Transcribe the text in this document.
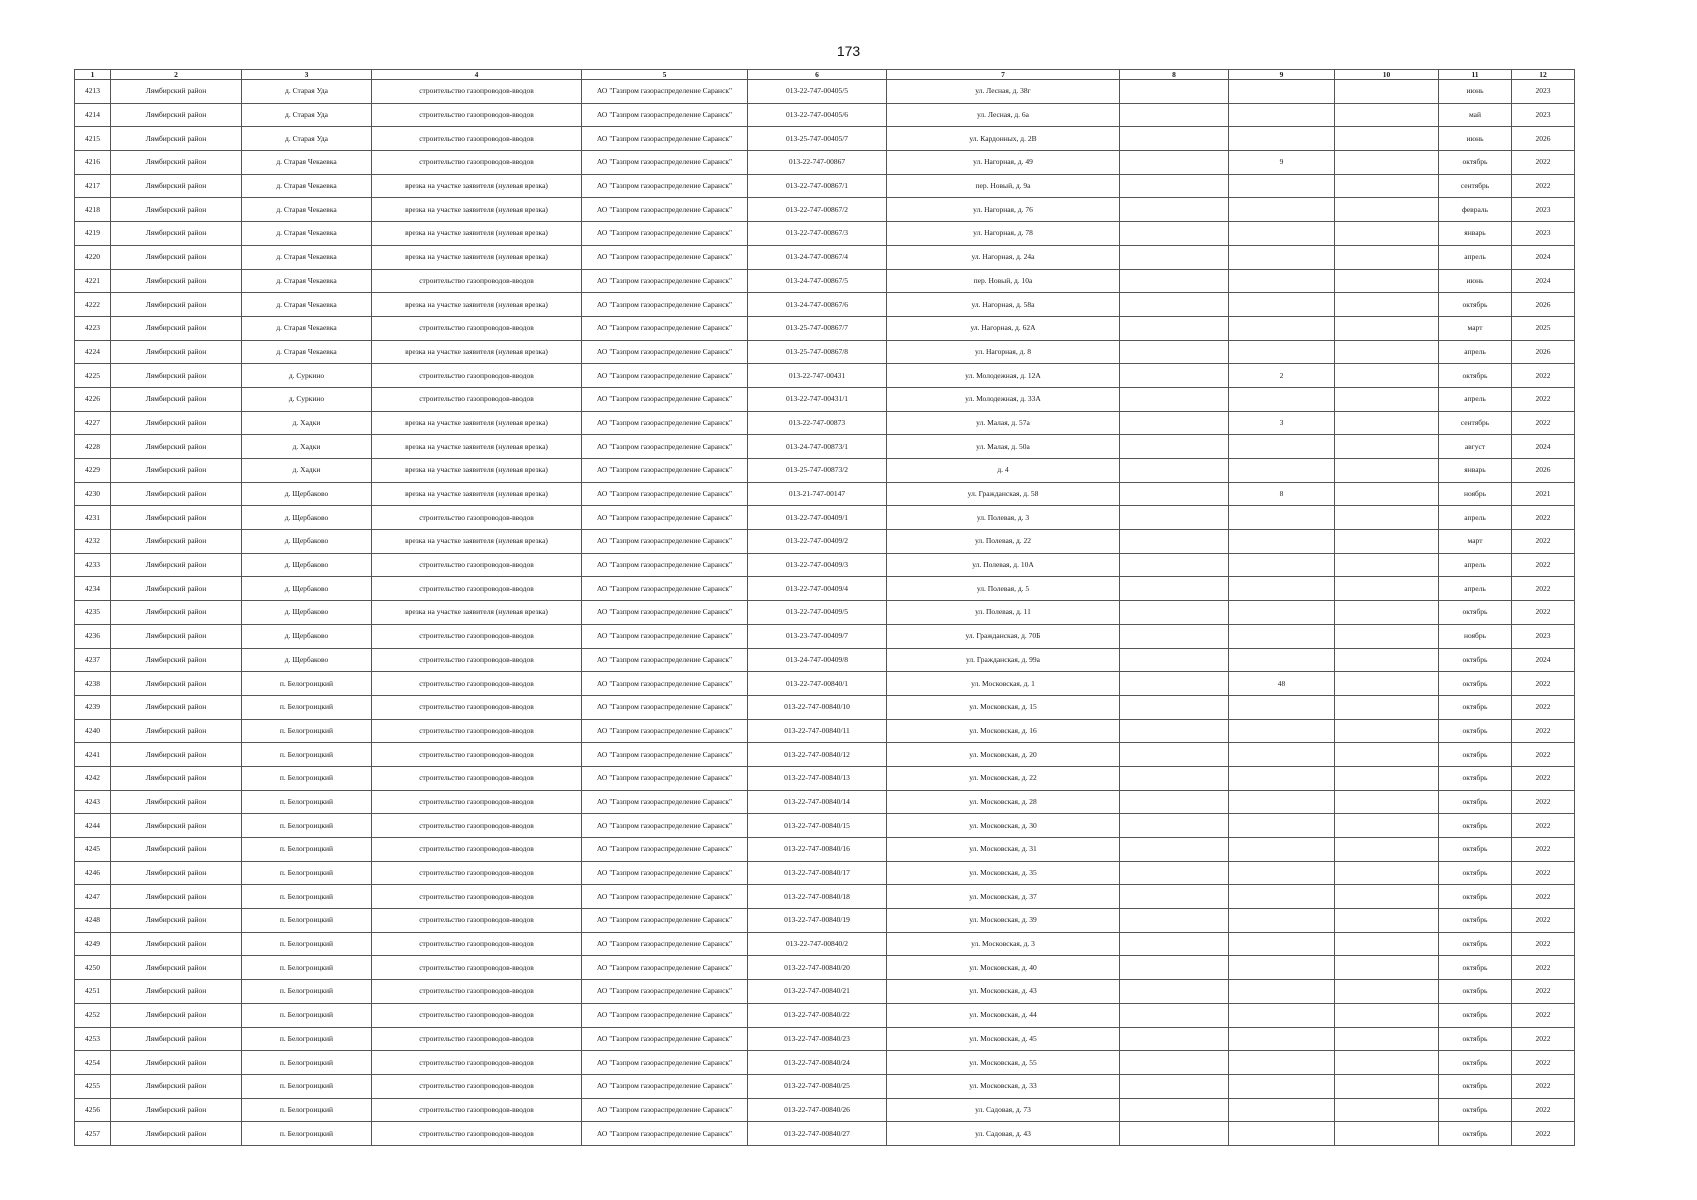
173
1	2	3	4	5	6	7	8	9	10	11	12
4213	Лямбирский район	д. Старая Уда	строительство газопроводов-вводов	АО "Газпром газораспределение Саранск"	013-22-747-00405/5	ул. Лесная, д. 38г				июнь	2023
4214	Лямбирский район	д. Старая Уда	строительство газопроводов-вводов	АО "Газпром газораспределение Саранск"	013-22-747-00405/6	ул. Лесная, д. 6а				май	2023
4215	Лямбирский район	д. Старая Уда	строительство газопроводов-вводов	АО "Газпром газораспределение Саранск"	013-25-747-00405/7	ул. Кардонных, д. 2В				июнь	2026
4216	Лямбирский район	д. Старая Чекаевка	строительство газопроводов-вводов	АО "Газпром газораспределение Саранск"	013-22-747-00867	ул. Нагорная, д. 49		9		октябрь	2022
4217	Лямбирский район	д. Старая Чекаевка	врезка на участке заявителя (нулевая врезка)	АО "Газпром газораспределение Саранск"	013-22-747-00867/1	пер. Новый, д. 9а				сентябрь	2022
4218	Лямбирский район	д. Старая Чекаевка	врезка на участке заявителя (нулевая врезка)	АО "Газпром газораспределение Саранск"	013-22-747-00867/2	ул. Нагорная, д. 76				февраль	2023
4219	Лямбирский район	д. Старая Чекаевка	врезка на участке заявителя (нулевая врезка)	АО "Газпром газораспределение Саранск"	013-22-747-00867/3	ул. Нагорная, д. 78				январь	2023
4220	Лямбирский район	д. Старая Чекаевка	врезка на участке заявителя (нулевая врезка)	АО "Газпром газораспределение Саранск"	013-24-747-00867/4	ул. Нагорная, д. 24а				апрель	2024
4221	Лямбирский район	д. Старая Чекаевка	строительство газопроводов-вводов	АО "Газпром газораспределение Саранск"	013-24-747-00867/5	пер. Новый, д. 10а				июнь	2024
4222	Лямбирский район	д. Старая Чекаевка	врезка на участке заявителя (нулевая врезка)	АО "Газпром газораспределение Саранск"	013-24-747-00867/6	ул. Нагорная, д. 58а				октябрь	2026
4223	Лямбирский район	д. Старая Чекаевка	строительство газопроводов-вводов	АО "Газпром газораспределение Саранск"	013-25-747-00867/7	ул. Нагорная, д. 62А				март	2025
4224	Лямбирский район	д. Старая Чекаевка	врезка на участке заявителя (нулевая врезка)	АО "Газпром газораспределение Саранск"	013-25-747-00867/8	ул. Нагорная, д. 8				апрель	2026
4225	Лямбирский район	д. Суркино	строительство газопроводов-вводов	АО "Газпром газораспределение Саранск"	013-22-747-00431	ул. Молодежная, д. 12А		2		октябрь	2022
4226	Лямбирский район	д. Суркино	строительство газопроводов-вводов	АО "Газпром газораспределение Саранск"	013-22-747-00431/1	ул. Молодежная, д. 33А				апрель	2022
4227	Лямбирский район	д. Хадки	врезка на участке заявителя (нулевая врезка)	АО "Газпром газораспределение Саранск"	013-22-747-00873	ул. Малая, д. 57а		3		сентябрь	2022
4228	Лямбирский район	д. Хадки	врезка на участке заявителя (нулевая врезка)	АО "Газпром газораспределение Саранск"	013-24-747-00873/1	ул. Малая, д. 50а				август	2024
4229	Лямбирский район	д. Хадки	врезка на участке заявителя (нулевая врезка)	АО "Газпром газораспределение Саранск"	013-25-747-00873/2	д. 4				январь	2026
4230	Лямбирский район	д. Щербаково	врезка на участке заявителя (нулевая врезка)	АО "Газпром газораспределение Саранск"	013-21-747-00147	ул. Гражданская, д. 58		8		ноябрь	2021
4231	Лямбирский район	д. Щербаково	строительство газопроводов-вводов	АО "Газпром газораспределение Саранск"	013-22-747-00409/1	ул. Полевая, д. 3				апрель	2022
4232	Лямбирский район	д. Щербаково	врезка на участке заявителя (нулевая врезка)	АО "Газпром газораспределение Саранск"	013-22-747-00409/2	ул. Полевая, д. 22				март	2022
4233	Лямбирский район	д. Щербаково	строительство газопроводов-вводов	АО "Газпром газораспределение Саранск"	013-22-747-00409/3	ул. Полевая, д. 10А				апрель	2022
4234	Лямбирский район	д. Щербаково	строительство газопроводов-вводов	АО "Газпром газораспределение Саранск"	013-22-747-00409/4	ул. Полевая, д. 5				апрель	2022
4235	Лямбирский район	д. Щербаково	врезка на участке заявителя (нулевая врезка)	АО "Газпром газораспределение Саранск"	013-22-747-00409/5	ул. Полевая, д. 11				октябрь	2022
4236	Лямбирский район	д. Щербаково	строительство газопроводов-вводов	АО "Газпром газораспределение Саранск"	013-23-747-00409/7	ул. Гражданская, д. 70Б				ноябрь	2023
4237	Лямбирский район	д. Щербаково	строительство газопроводов-вводов	АО "Газпром газораспределение Саранск"	013-24-747-00409/8	ул. Гражданская, д. 99а				октябрь	2024
4238	Лямбирский район	п. Белогроицкий	строительство газопроводов-вводов	АО "Газпром газораспределение Саранск"	013-22-747-00840/1	ул. Московская, д. 1		48		октябрь	2022
4239	Лямбирский район	п. Белогроицкий	строительство газопроводов-вводов	АО "Газпром газораспределение Саранск"	013-22-747-00840/10	ул. Московская, д. 15				октябрь	2022
4240	Лямбирский район	п. Белогроицкий	строительство газопроводов-вводов	АО "Газпром газораспределение Саранск"	013-22-747-00840/11	ул. Московская, д. 16				октябрь	2022
4241	Лямбирский район	п. Белогроицкий	строительство газопроводов-вводов	АО "Газпром газораспределение Саранск"	013-22-747-00840/12	ул. Московская, д. 20				октябрь	2022
4242	Лямбирский район	п. Белогроицкий	строительство газопроводов-вводов	АО "Газпром газораспределение Саранск"	013-22-747-00840/13	ул. Московская, д. 22				октябрь	2022
4243	Лямбирский район	п. Белогроицкий	строительство газопроводов-вводов	АО "Газпром газораспределение Саранск"	013-22-747-00840/14	ул. Московская, д. 28				октябрь	2022
4244	Лямбирский район	п. Белогроицкий	строительство газопроводов-вводов	АО "Газпром газораспределение Саранск"	013-22-747-00840/15	ул. Московская, д. 30				октябрь	2022
4245	Лямбирский район	п. Белогроицкий	строительство газопроводов-вводов	АО "Газпром газораспределение Саранск"	013-22-747-00840/16	ул. Московская, д. 31				октябрь	2022
4246	Лямбирский район	п. Белогроицкий	строительство газопроводов-вводов	АО "Газпром газораспределение Саранск"	013-22-747-00840/17	ул. Московская, д. 35				октябрь	2022
4247	Лямбирский район	п. Белогроицкий	строительство газопроводов-вводов	АО "Газпром газораспределение Саранск"	013-22-747-00840/18	ул. Московская, д. 37				октябрь	2022
4248	Лямбирский район	п. Белогроицкий	строительство газопроводов-вводов	АО "Газпром газораспределение Саранск"	013-22-747-00840/19	ул. Московская, д. 39				октябрь	2022
4249	Лямбирский район	п. Белогроицкий	строительство газопроводов-вводов	АО "Газпром газораспределение Саранск"	013-22-747-00840/2	ул. Московская, д. 3				октябрь	2022
4250	Лямбирский район	п. Белогроицкий	строительство газопроводов-вводов	АО "Газпром газораспределение Саранск"	013-22-747-00840/20	ул. Московская, д. 40				октябрь	2022
4251	Лямбирский район	п. Белогроицкий	строительство газопроводов-вводов	АО "Газпром газораспределение Саранск"	013-22-747-00840/21	ул. Московская, д. 43				октябрь	2022
4252	Лямбирский район	п. Белогроицкий	строительство газопроводов-вводов	АО "Газпром газораспределение Саранск"	013-22-747-00840/22	ул. Московская, д. 44				октябрь	2022
4253	Лямбирский район	п. Белогроицкий	строительство газопроводов-вводов	АО "Газпром газораспределение Саранск"	013-22-747-00840/23	ул. Московская, д. 45				октябрь	2022
4254	Лямбирский район	п. Белогроицкий	строительство газопроводов-вводов	АО "Газпром газораспределение Саранск"	013-22-747-00840/24	ул. Московская, д. 55				октябрь	2022
4255	Лямбирский район	п. Белогроицкий	строительство газопроводов-вводов	АО "Газпром газораспределение Саранск"	013-22-747-00840/25	ул. Московская, д. 33				октябрь	2022
4256	Лямбирский район	п. Белогроицкий	строительство газопроводов-вводов	АО "Газпром газораспределение Саранск"	013-22-747-00840/26	ул. Садовая, д. 73				октябрь	2022
4257	Лямбирский район	п. Белогроицкий	строительство газопроводов-вводов	АО "Газпром газораспределение Саранск"	013-22-747-00840/27	ул. Садовая, д. 43				октябрь	2022
